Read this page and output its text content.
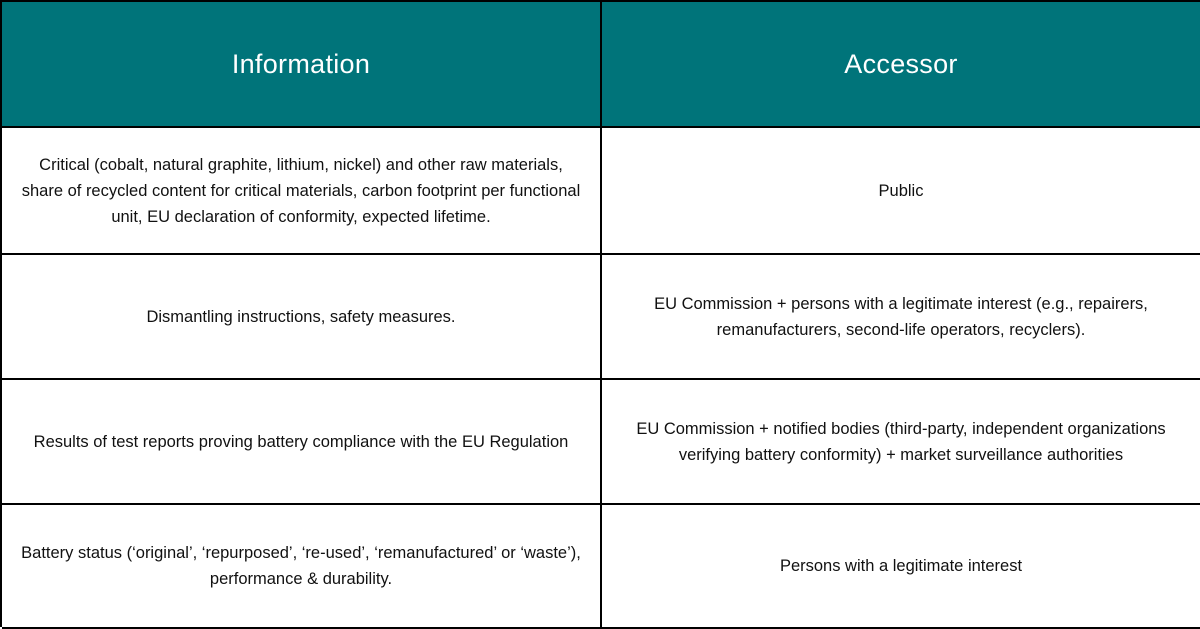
Information	Accessor
Critical (cobalt, natural graphite, lithium, nickel) and other raw materials, share of recycled content for critical materials, carbon footprint per functional unit, EU declaration of conformity, expected lifetime.
Public
Dismantling instructions, safety measures.
EU Commission + persons with a legitimate interest (e.g., repairers, remanufacturers, second-life operators, recyclers).
Results of test reports proving battery compliance with the EU Regulation
EU Commission + notified bodies (third-party, independent organizations verifying battery conformity) + market surveillance authorities
Battery status (‘original’, ‘repurposed’, ‘re-used’, ‘remanufactured’ or ‘waste’), performance & durability.
Persons with a legitimate interest
